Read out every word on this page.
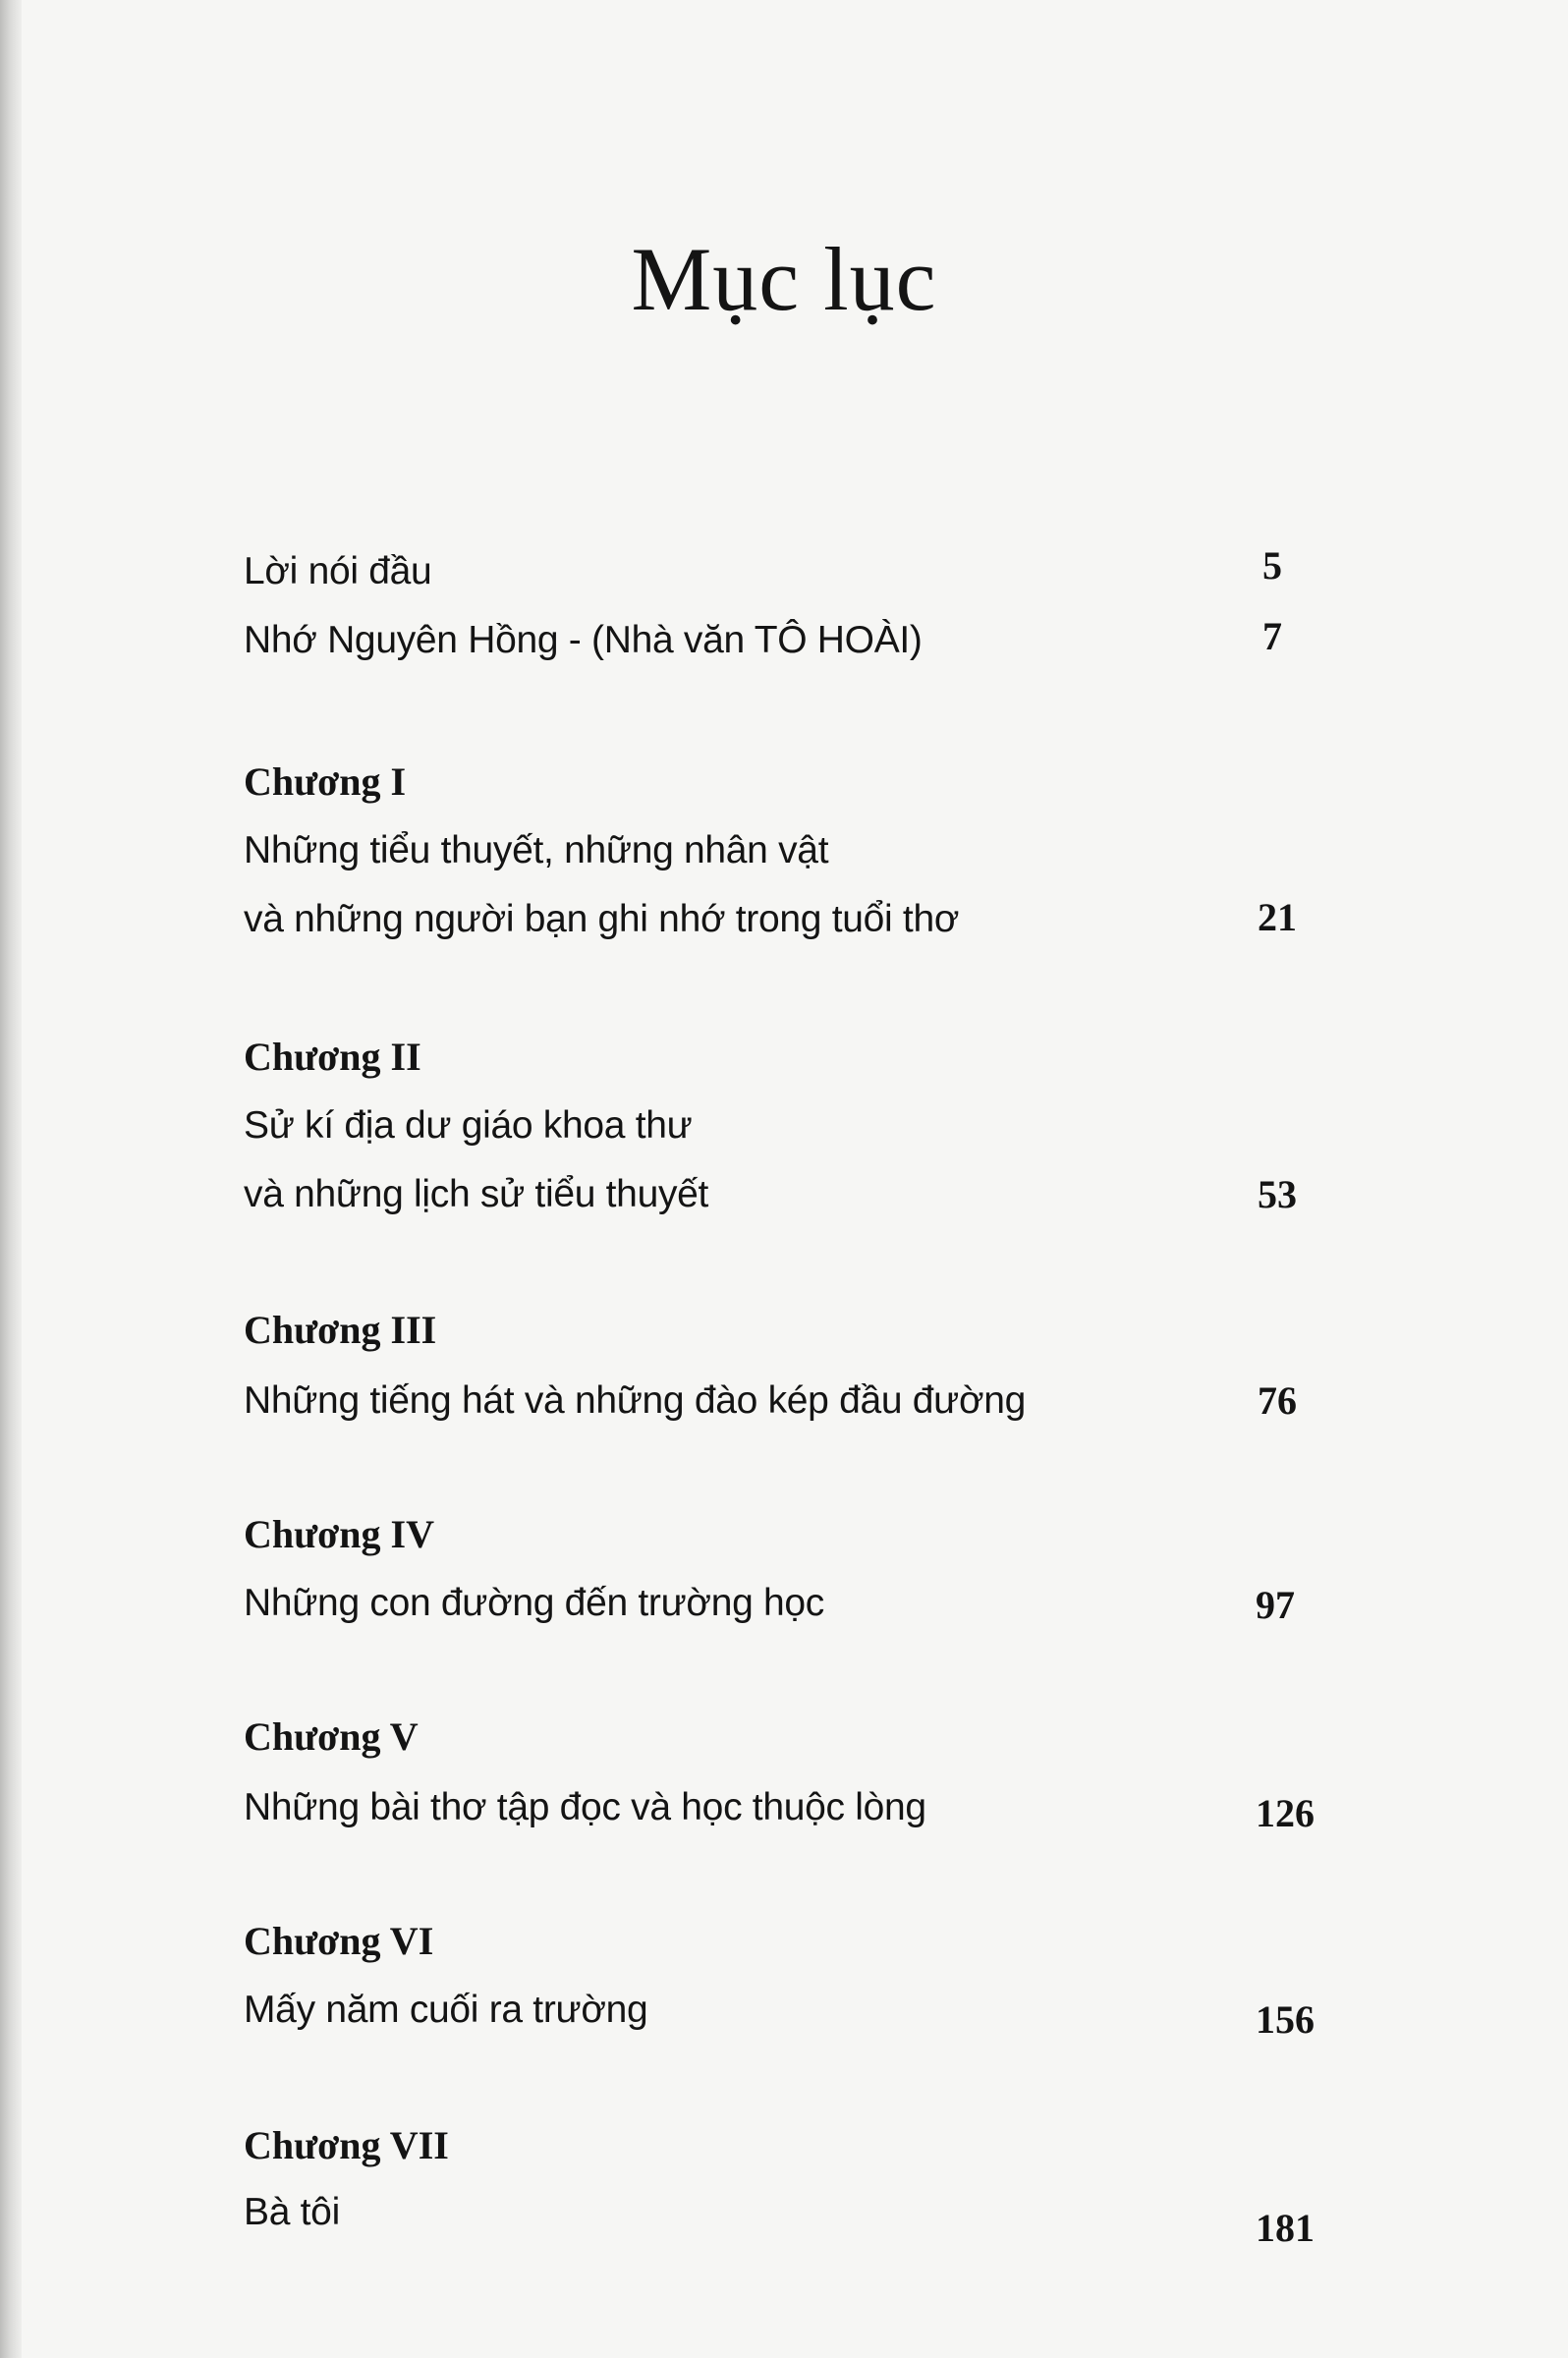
Mục lục
Lời nói đầu	5
Nhớ Nguyên Hồng - (Nhà văn TÔ HOÀI)	7
Chương I
Những tiểu thuyết, những nhân vật
và những người bạn ghi nhớ trong tuổi thơ	21
Chương II
Sử kí địa dư giáo khoa thư
và những lịch sử tiểu thuyết	53
Chương III
Những tiếng hát và những đào kép đầu đường	76
Chương IV
Những con đường đến trường học	97
Chương V
Những bài thơ tập đọc và học thuộc lòng	126
Chương VI
Mấy năm cuối ra trường	156
Chương VII
Bà tôi	181
